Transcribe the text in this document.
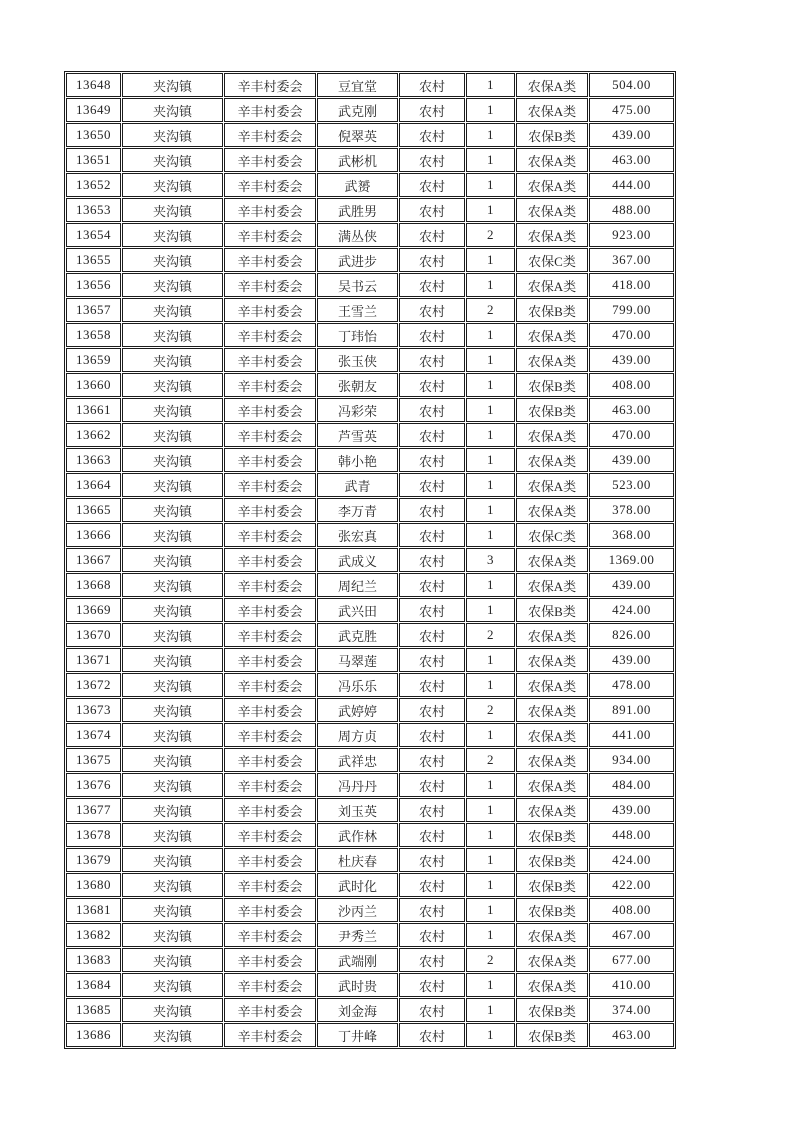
13648	夹沟镇	辛丰村委会	豆宜堂	农村	1	农保A类	504.00
13649	夹沟镇	辛丰村委会	武克刚	农村	1	农保A类	475.00
13650	夹沟镇	辛丰村委会	倪翠英	农村	1	农保B类	439.00
13651	夹沟镇	辛丰村委会	武彬机	农村	1	农保A类	463.00
13652	夹沟镇	辛丰村委会	武赟	农村	1	农保A类	444.00
13653	夹沟镇	辛丰村委会	武胜男	农村	1	农保A类	488.00
13654	夹沟镇	辛丰村委会	满丛侠	农村	2	农保A类	923.00
13655	夹沟镇	辛丰村委会	武进步	农村	1	农保C类	367.00
13656	夹沟镇	辛丰村委会	吴书云	农村	1	农保A类	418.00
13657	夹沟镇	辛丰村委会	王雪兰	农村	2	农保B类	799.00
13658	夹沟镇	辛丰村委会	丁玮怡	农村	1	农保A类	470.00
13659	夹沟镇	辛丰村委会	张玉侠	农村	1	农保A类	439.00
13660	夹沟镇	辛丰村委会	张朝友	农村	1	农保B类	408.00
13661	夹沟镇	辛丰村委会	冯彩荣	农村	1	农保B类	463.00
13662	夹沟镇	辛丰村委会	芦雪英	农村	1	农保A类	470.00
13663	夹沟镇	辛丰村委会	韩小艳	农村	1	农保A类	439.00
13664	夹沟镇	辛丰村委会	武青	农村	1	农保A类	523.00
13665	夹沟镇	辛丰村委会	李万青	农村	1	农保A类	378.00
13666	夹沟镇	辛丰村委会	张宏真	农村	1	农保C类	368.00
13667	夹沟镇	辛丰村委会	武成义	农村	3	农保A类	1369.00
13668	夹沟镇	辛丰村委会	周纪兰	农村	1	农保A类	439.00
13669	夹沟镇	辛丰村委会	武兴田	农村	1	农保B类	424.00
13670	夹沟镇	辛丰村委会	武克胜	农村	2	农保A类	826.00
13671	夹沟镇	辛丰村委会	马翠莲	农村	1	农保A类	439.00
13672	夹沟镇	辛丰村委会	冯乐乐	农村	1	农保A类	478.00
13673	夹沟镇	辛丰村委会	武婷婷	农村	2	农保A类	891.00
13674	夹沟镇	辛丰村委会	周方贞	农村	1	农保A类	441.00
13675	夹沟镇	辛丰村委会	武祥忠	农村	2	农保A类	934.00
13676	夹沟镇	辛丰村委会	冯丹丹	农村	1	农保A类	484.00
13677	夹沟镇	辛丰村委会	刘玉英	农村	1	农保A类	439.00
13678	夹沟镇	辛丰村委会	武作林	农村	1	农保B类	448.00
13679	夹沟镇	辛丰村委会	杜庆春	农村	1	农保B类	424.00
13680	夹沟镇	辛丰村委会	武时化	农村	1	农保B类	422.00
13681	夹沟镇	辛丰村委会	沙丙兰	农村	1	农保B类	408.00
13682	夹沟镇	辛丰村委会	尹秀兰	农村	1	农保A类	467.00
13683	夹沟镇	辛丰村委会	武端刚	农村	2	农保A类	677.00
13684	夹沟镇	辛丰村委会	武时贵	农村	1	农保A类	410.00
13685	夹沟镇	辛丰村委会	刘金海	农村	1	农保B类	374.00
13686	夹沟镇	辛丰村委会	丁井峰	农村	1	农保B类	463.00
